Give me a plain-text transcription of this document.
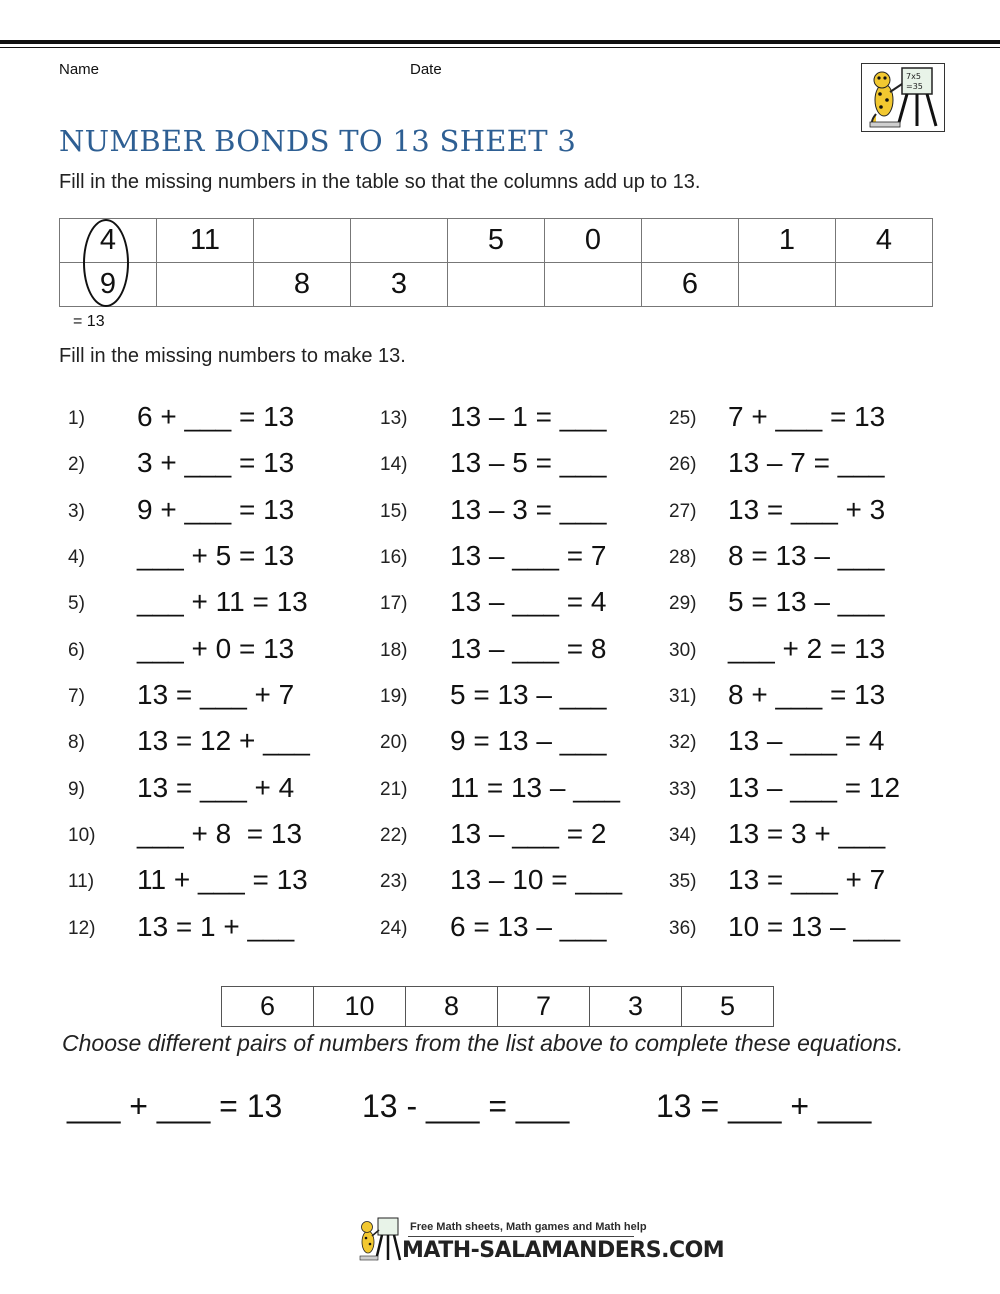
Name	Date	7x5
=35
NUMBER BONDS TO 13 SHEET 3
Fill in the missing numbers in the table so that the columns add up to 13.
4	11			5	0		1	4
9		8	3			6		
= 13
Fill in the missing numbers to make 13.
1) 6 + ___ = 13
2) 3 + ___ = 13
3) 9 + ___ = 13
4) ___ + 5 = 13
5) ___ + 11 = 13
6) ___ + 0 = 13
7) 13 = ___ + 7
8) 13 = 12 + ___
9) 13 = ___ + 4
10) ___ + 8  = 13
11) 11 + ___ = 13
12) 13 = 1 + ___
13) 13 – 1 = ___
14) 13 – 5 = ___
15) 13 – 3 = ___
16) 13 – ___ = 7
17) 13 – ___ = 4
18) 13 – ___ = 8
19) 5 = 13 – ___
20) 9 = 13 – ___
21) 11 = 13 – ___
22) 13 – ___ = 2
23) 13 – 10 = ___
24) 6 = 13 – ___
25) 7 + ___ = 13
26) 13 – 7 = ___
27) 13 = ___ + 3
28) 8 = 13 – ___
29) 5 = 13 – ___
30) ___ + 2 = 13
31) 8 + ___ = 13
32) 13 – ___ = 4
33) 13 – ___ = 12
34) 13 = 3 + ___
35) 13 = ___ + 7
36) 10 = 13 – ___
6	10	8	7	3	5
Choose different pairs of numbers from the list above to complete these equations.
___ + ___ = 13 13 - ___ = ___	13 = ___ + ___
Free Math sheets, Math games and Math help
MATH-SALAMANDERS.COM
